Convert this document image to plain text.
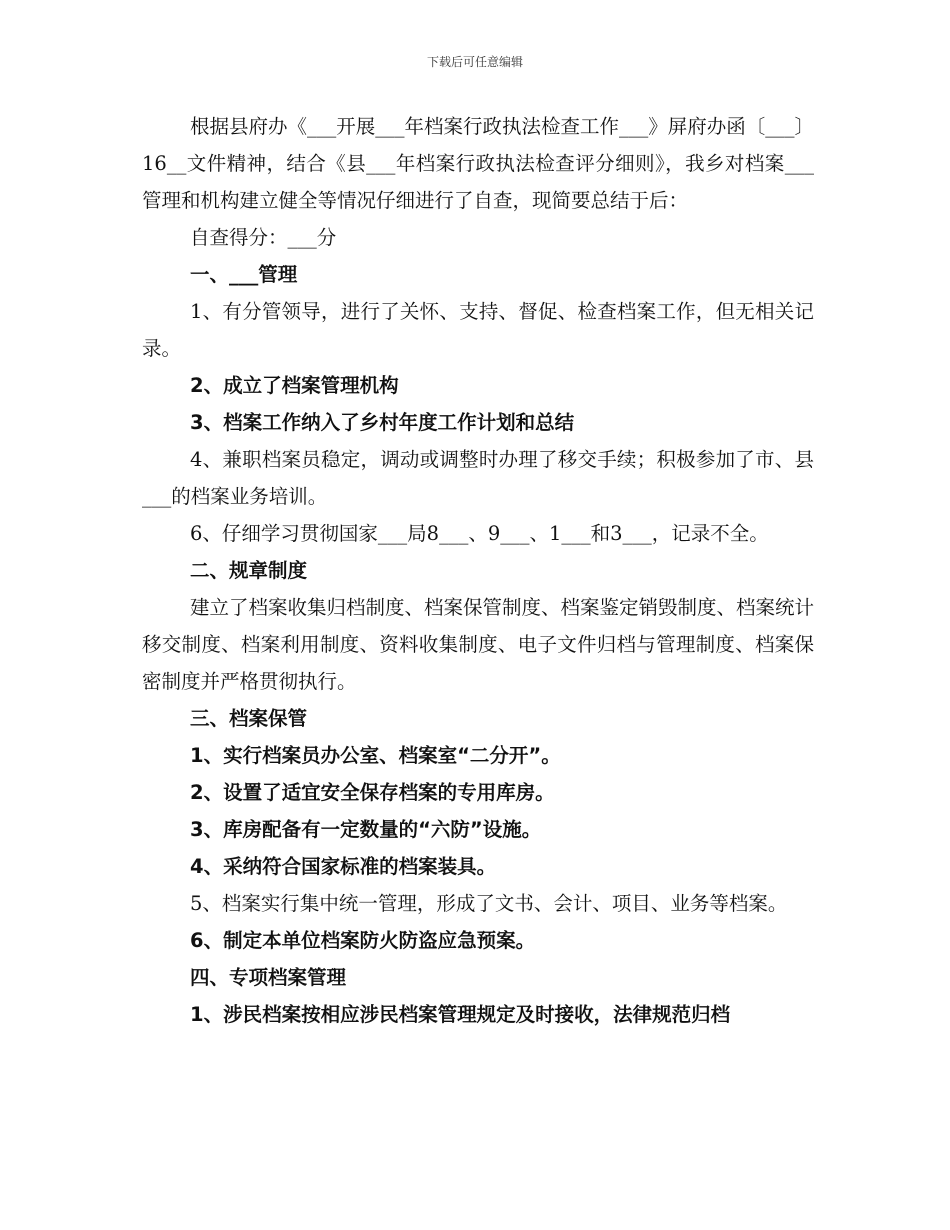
下载后可任意编辑

根据县府办《___开展___年档案行政执法检查工作___》屏府办函〔___〕16__文件精神，结合《县___年档案行政执法检查评分细则》，我乡对档案___管理和机构建立健全等情况仔细进行了自查，现简要总结于后：

自查得分：___分

一、___管理

1、有分管领导，进行了关怀、支持、督促、检查档案工作，但无相关记录。

2、成立了档案管理机构

3、档案工作纳入了乡村年度工作计划和总结

4、兼职档案员稳定，调动或调整时办理了移交手续；积极参加了市、县___的档案业务培训。

6、仔细学习贯彻国家___局8___、9___、1___和3___，记录不全。

二、规章制度

建立了档案收集归档制度、档案保管制度、档案鉴定销毁制度、档案统计移交制度、档案利用制度、资料收集制度、电子文件归档与管理制度、档案保密制度并严格贯彻执行。

三、档案保管

1、实行档案员办公室、档案室“二分开”。

2、设置了适宜安全保存档案的专用库房。

3、库房配备有一定数量的“六防”设施。

4、采纳符合国家标准的档案装具。

5、档案实行集中统一管理，形成了文书、会计、项目、业务等档案。

6、制定本单位档案防火防盗应急预案。

四、专项档案管理

1、涉民档案按相应涉民档案管理规定及时接收，法律规范归档
